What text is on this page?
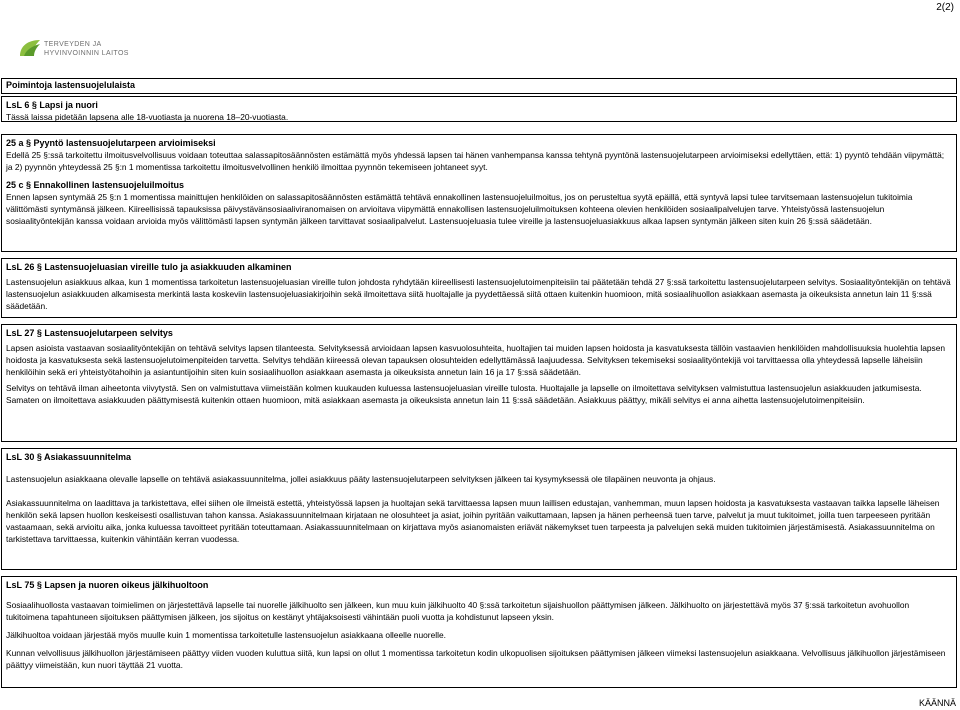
2(2)
TERVEYDEN JA
HYVINVOINNIN LAITOS
Poimintoja lastensuojelulaista
LsL 6 § Lapsi ja nuori

Tässä laissa pidetään lapsena alle 18-vuotiasta ja nuorena 18–20-vuotiasta.

25 a § Pyyntö lastensuojelutarpeen arvioimiseksi

Edellä 25 §:ssä tarkoitettu ilmoitusvelvollisuus voidaan toteuttaa salassapitosäännösten estämättä myös yhdessä lapsen tai hänen vanhempansa kanssa tehtynä pyyntönä lastensuojelutarpeen arvioimiseksi edellyttäen, että: 1) pyyntö tehdään viipymättä; ja 2) pyynnön yhteydessä 25 §:n 1 momentissa tarkoitettu ilmoitusvelvollinen henkilö ilmoittaa pyynnön tekemiseen johtaneet syyt.

25 c § Ennakollinen lastensuojeluilmoitus

Ennen lapsen syntymää 25 §:n 1 momentissa mainittujen henkilöiden on salassapitosäännösten estämättä tehtävä ennakollinen lastensuojeluilmoitus, jos on perusteltua syytä epäillä, että syntyvä lapsi tulee tarvitsemaan lastensuojelun tukitoimia välittömästi syntymänsä jälkeen. Kiireellisissä tapauksissa päivystävänsosiaaliviranomaisen on arvioitava viipymättä ennakollisen lastensuojeluilmoituksen kohteena olevien henkilöiden sosiaalipalvelujen tarve. Yhteistyössä lastensuojelun sosiaalityöntekijän kanssa voidaan arvioida myös välittömästi lapsen syntymän jälkeen tarvittavat sosiaalipalvelut. Lastensuojeluasia tulee vireille ja lastensuojeluasiakkuus alkaa lapsen syntymän jälkeen siten kuin 26 §:ssä säädetään.

LsL 26 § Lastensuojeluasian vireille tulo ja asiakkuuden alkaminen

Lastensuojelun asiakkuus alkaa, kun 1 momentissa tarkoitetun lastensuojeluasian vireille tulon johdosta ryhdytään kiireellisesti lastensuojelutoimenpiteisiin tai päätetään tehdä 27 §:ssä tarkoitettu lastensuojelutarpeen selvitys. Sosiaalityöntekijän on tehtävä lastensuojelun asiakkuuden alkamisesta merkintä lasta koskeviin lastensuojeluasiakirjoihin sekä ilmoitettava siitä huoltajalle ja pyydettäessä siitä ottaen kuitenkin huomioon, mitä sosiaalihuollon asiakkaan asemasta ja oikeuksista annetun lain 11 §:ssä säädetään.

LsL 27 § Lastensuojelutarpeen selvitys

Lapsen asioista vastaavan sosiaalityöntekijän on tehtävä selvitys lapsen tilanteesta. Selvityksessä arvioidaan lapsen kasvuolosuhteita, huoltajien tai muiden lapsen hoidosta ja kasvatuksesta tällöin vastaavien henkilöiden mahdollisuuksia huolehtia lapsen hoidosta ja kasvatuksesta sekä lastensuojelutoimenpiteiden tarvetta. Selvitys tehdään kiireessä olevan tapauksen olosuhteiden edellyttämässä laajuudessa. Selvityksen tekemiseksi sosiaalityöntekijä voi tarvittaessa olla yhteydessä lapselle läheisiin henkilöihin sekä eri yhteistyötahoihin ja asiantuntijoihin siten kuin sosiaalihuollon asiakkaan asemasta ja oikeuksista annetun lain 16 ja 17 §:ssä säädetään.

Selvitys on tehtävä ilman aiheetonta viivytystä. Sen on valmistuttava viimeistään kolmen kuukauden kuluessa lastensuojeluasian vireille tulosta. Huoltajalle ja lapselle on ilmoitettava selvityksen valmistuttua lastensuojelun asiakkuuden jatkumisesta. Samaten on ilmoitettava asiakkuuden päättymisestä kuitenkin ottaen huomioon, mitä asiakkaan asemasta ja oikeuksista annetun lain 11 §:ssä säädetään. Asiakkuus päättyy, mikäli selvitys ei anna aihetta lastensuojelutoimenpiteisiin.

LsL 30 § Asiakassuunnitelma

Lastensuojelun asiakkaana olevalle lapselle on tehtävä asiakassuunnitelma, jollei asiakkuus pääty lastensuojelutarpeen selvityksen jälkeen tai kysymyksessä ole tilapäinen neuvonta ja ohjaus.

Asiakassuunnitelma on laadittava ja tarkistettava, ellei siihen ole ilmeistä estettä, yhteistyössä lapsen ja huoltajan sekä tarvittaessa lapsen muun laillisen edustajan, vanhemman, muun lapsen hoidosta ja kasvatuksesta vastaavan taikka lapselle läheisen henkilön sekä lapsen huollon keskeisesti osallistuvan tahon kanssa. Asiakassuunnitelmaan kirjataan ne olosuhteet ja asiat, joihin pyritään vaikuttamaan, lapsen ja hänen perheensä tuen tarve, palvelut ja muut tukitoimet, joilla tuen tarpeeseen pyritään vastaamaan, sekä arvioitu aika, jonka kuluessa tavoitteet pyritään toteuttamaan. Asiakassuunnitelmaan on kirjattava myös asianomaisten eriävät näkemykset tuen tarpeesta ja palvelujen sekä muiden tukitoimien järjestämisestä. Asiakassuunnitelma on tarkistettava tarvittaessa, kuitenkin vähintään kerran vuodessa.

LsL 75 § Lapsen ja nuoren oikeus jälkihuoltoon

Sosiaalihuollosta vastaavan toimielimen on järjestettävä lapselle tai nuorelle jälkihuolto sen jälkeen, kun muu kuin jälkihuolto 40 §:ssä tarkoitetun sijaishuollon päättymisen jälkeen. Jälkihuolto on järjestettävä myös 37 §:ssä tarkoitetun avohuollon tukitoimena tapahtuneen sijoituksen päättymisen jälkeen, jos sijoitus on kestänyt yhtäjaksoisesti vähintään puoli vuotta ja kohdistunut lapseen yksin.

Jälkihuoltoa voidaan järjestää myös muulle kuin 1 momentissa tarkoitetulle lastensuojelun asiakkaana olleelle nuorelle.

Kunnan velvollisuus jälkihuollon järjestämiseen päättyy viiden vuoden kuluttua siitä, kun lapsi on ollut 1 momentissa tarkoitetun kodin ulkopuolisen sijoituksen päättymisen jälkeen viimeksi lastensuojelun asiakkaana. Velvollisuus jälkihuollon järjestämiseen päättyy viimeistään, kun nuori täyttää 21 vuotta.

KÄÄNNÄ
